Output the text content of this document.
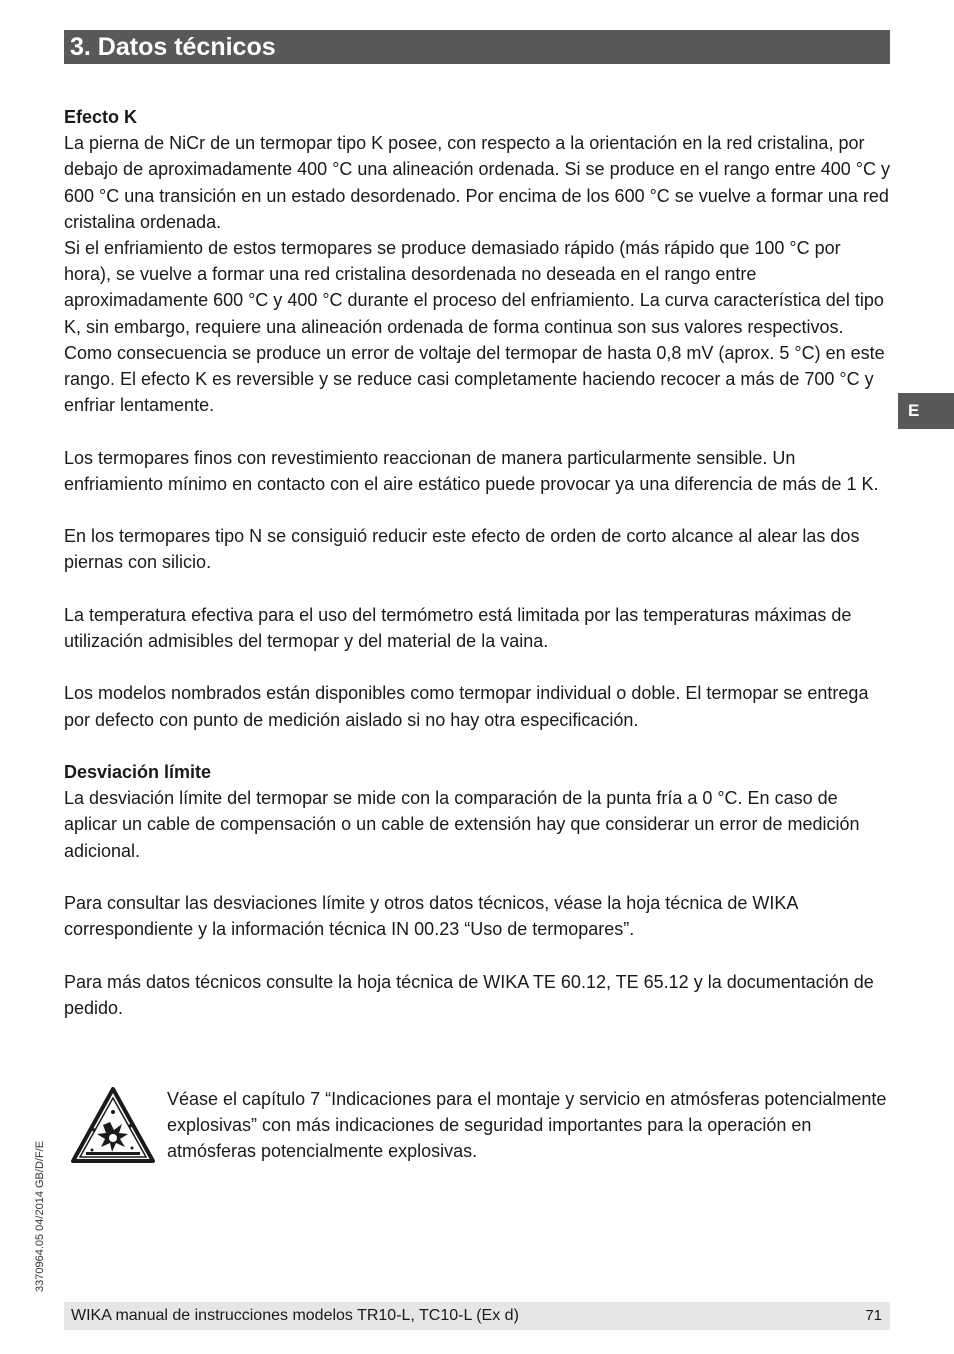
3. Datos técnicos
E
Efecto K

La pierna de NiCr de un termopar tipo K posee, con respecto a la orientación en la red cristalina, por debajo de aproximadamente 400 °C una alineación ordenada. Si se produce en el rango entre 400 °C y 600 °C una transición en un estado desordenado. Por encima de los 600 °C se vuelve a formar una red cristalina ordenada.

Si el enfriamiento de estos termopares se produce demasiado rápido (más rápido que 100 °C por hora), se vuelve a formar una red cristalina desordenada no deseada en el rango entre aproximadamente 600 °C y 400 °C durante el proceso del enfriamiento. La curva característica del tipo K, sin embargo, requiere una alineación ordenada de forma continua son sus valores respectivos. Como consecuencia se produce un error de voltaje del termopar de hasta 0,8 mV (aprox. 5 °C) en este rango. El efecto K es reversible y se reduce casi completamente haciendo recocer a más de 700 °C y enfriar lentamente.

Los termopares finos con revestimiento reaccionan de manera particularmente sensible. Un enfriamiento mínimo en contacto con el aire estático puede provocar ya una diferencia de más de 1 K.

En los termopares tipo N se consiguió reducir este efecto de orden de corto alcance al alear las dos piernas con silicio.

La temperatura efectiva para el uso del termómetro está limitada por las temperaturas máximas de utilización admisibles del termopar y del material de la vaina.

Los modelos nombrados están disponibles como termopar individual o doble. El termopar se entrega por defecto con punto de medición aislado si no hay otra especificación.

Desviación límite

La desviación límite del termopar se mide con la comparación de la punta fría a 0 °C. En caso de aplicar un cable de compensación o un cable de extensión hay que considerar un error de medición adicional.

Para consultar las desviaciones límite y otros datos técnicos, véase la hoja técnica de WIKA correspondiente y la información técnica IN 00.23 “Uso de termopares”.

Para más datos técnicos consulte la hoja técnica de WIKA TE 60.12, TE 65.12 y la documentación de pedido.

Véase el capítulo 7 “Indicaciones para el montaje y servicio en atmósferas potencialmente explosivas” con más indicaciones de seguridad importantes para la operación en atmósferas potencialmente explosivas.
3370964.05 04/2014 GB/D/F/E
WIKA manual de instrucciones modelos TR10-L, TC10-L (Ex d)	71
